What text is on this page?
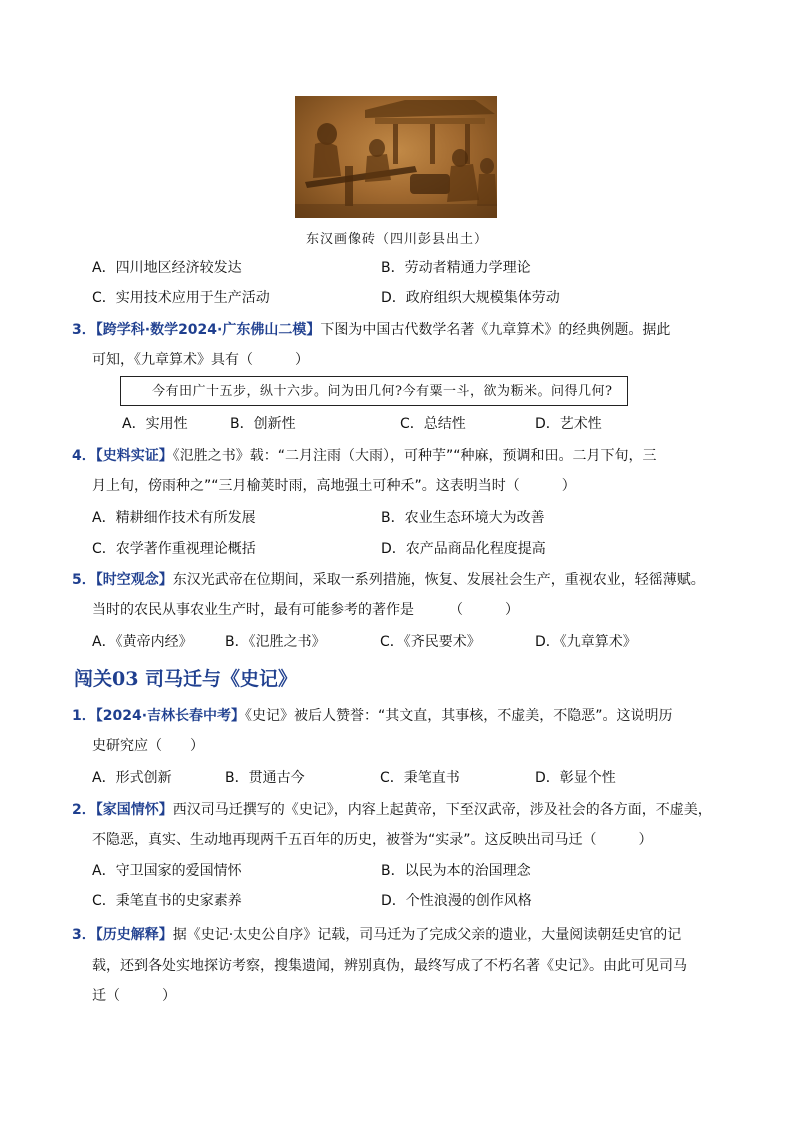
东汉画像砖（四川彭县出土）
A．四川地区经济较发达	B．劳动者精通力学理论
C．实用技术应用于生产活动	D．政府组织大规模集体劳动
3．【跨学科·数学2024·广东佛山二模】下图为中国古代数学名著《九章算术》的经典例题。据此
可知，《九章算术》具有（　　　）
今有田广十五步，纵十六步。问为田几何?今有粟一斗，欲为粝米。问得几何?
A．实用性	B．创新性	C．总结性	D．艺术性
4．【史料实证】《氾胜之书》载：“二月注雨（大雨），可种芋”“种麻，预调和田。二月下旬，三
月上旬，傍雨种之”“三月榆荚时雨，高地强土可种禾”。这表明当时（　　　）
A．精耕细作技术有所发展	B．农业生态环境大为改善
C．农学著作重视理论概括	D．农产品商品化程度提高
5．【时空观念】东汉光武帝在位期间，采取一系列措施，恢复、发展社会生产，重视农业，轻徭薄赋。
当时的农民从事农业生产时，最有可能参考的著作是　　　（　　　）
A．《黄帝内经》 B．《氾胜之书》	C．《齐民要术》	D．《九章算术》
闯关03 司马迁与《史记》
1．【2024·吉林长春中考】《史记》被后人赞誉：“其文直，其事核，不虚美，不隐恶”。这说明历
史研究应（　　）
A．形式创新	B．贯通古今	C．秉笔直书	D．彰显个性
2．【家国情怀】西汉司马迁撰写的《史记》，内容上起黄帝，下至汉武帝，涉及社会的各方面，不虚美，
不隐恶，真实、生动地再现两千五百年的历史，被誉为“实录”。这反映出司马迁（　　　）
A．守卫国家的爱国情怀	B．以民为本的治国理念
C．秉笔直书的史家素养	D．个性浪漫的创作风格
3．【历史解释】据《史记·太史公自序》记载，司马迁为了完成父亲的遗业，大量阅读朝廷史官的记
载，还到各处实地探访考察，搜集遗闻，辨别真伪，最终写成了不朽名著《史记》。由此可见司马
迁（　　　）
